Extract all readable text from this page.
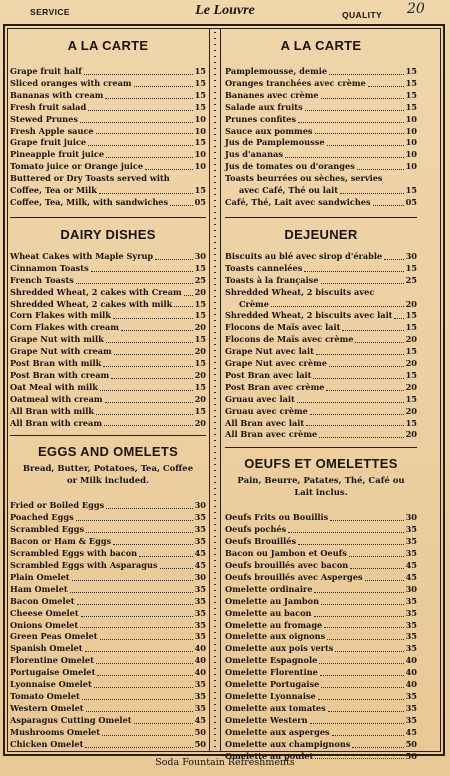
SERVICE	Le Louvre	QUALITY 20
A LA CARTE
Grape fruit half	15
Sliced oranges with cream	15
Bananas with cream	15
Fresh fruit salad	15
Stewed Prunes	10
Fresh Apple sauce	10
Grape fruit juice	15
Pineapple fruit juice	10
Tomato juice or Orange juice	10
Buttered or Dry Toasts served with
Coffee, Tea or Milk	15
Coffee, Tea, Milk, with sandwiches	05
DAIRY DISHES
Wheat Cakes with Maple Syrup	30
Cinnamon Toasts	15
French Toasts	25
Shredded Wheat, 2 cakes with Cream 20
Shredded Wheat, 2 cakes with milk	15
Corn Flakes with milk	15
Corn Flakes with cream	20
Grape Nut with milk	15
Grape Nut with cream	20
Post Bran with milk	15
Post Bran with cream	20
Oat Meal with milk	15
Oatmeal with cream	20
All Bran with milk	15
All Bran with cream	20
EGGS AND OMELETS

Bread, Butter, Potatoes, Tea, Coffee

or Milk included.

Fried or Boiled Eggs	30
Poached Eggs	35
Scrambled Eggs	35
Bacon or Ham & Eggs	35
Scrambled Eggs with bacon	45
Scrambled Eggs with Asparagus	45
Plain Omelet	30
Ham Omelet	35
Bacon Omelet	35
Cheese Omelet	35
Onions Omelet	35
Green Peas Omelet	35
Spanish Omelet	40
Florentine Omelet	40
Portugaise Omelet	40
Lyonnaise Omelet	35
Tomato Omelet	35
Western Omelet	35
Asparagus Cutting Omelet	45
Mushrooms Omelet	50
Chicken Omelet	50
A LA CARTE
Pamplemousse, demie	15
Oranges tranchées avec crème	15
Bananes avec crème	15
Salade aux fruits	15
Prunes confites	10
Sauce aux pommes	10
Jus de Pamplemousse	10
Jus d'ananas	10
Jus de tomates ou d'oranges	10
Toasts beurrées ou sèches, servies
avec Café, Thé ou lait	15
Café, Thé, Lait avec sandwiches	05
DEJEUNER
Biscuits au blé avec sirop d'érable	30
Toasts cannelées	15
Toasts à la française	25
Shredded Wheat, 2 biscuits avec
Crème	20
Shredded Wheat, 2 biscuits avec lait 15
Flocons de Maïs avec lait	15
Flocons de Maïs avec crème	20
Grape Nut avec lait	15
Grape Nut avec crème	20
Post Bran avec lait	15
Post Bran avec crème	20
Gruau avec lait	15
Gruau avec crème	20
All Bran avec lait	15
All Bran avec crème	20
OEUFS ET OMELETTES

Pain, Beurre, Patates, Thé, Café ou

Lait inclus.

Oeufs Frits ou Bouillis	30
Oeufs pochés	35
Oeufs Brouillés	35
Bacon ou Jambon et Oeufs	35
Oeufs brouillés avec bacon	45
Oeufs brouillés avec Asperges	45
Omelette ordinaire	30
Omelette au Jambon	35
Omelette au bacon	35
Omelette au fromage	35
Omelette aux oignons	35
Omelette aux pois verts	35
Omelette Espagnole	40
Omelette Florentine	40
Omelette Portugaise	40
Omelette Lyonnaise	35
Omelette aux tomates	35
Omelette Western	35
Omelette aux asperges	45
Omelette aux champignons	50
Omelette au poulet	50
Soda Fountain Refreshments
